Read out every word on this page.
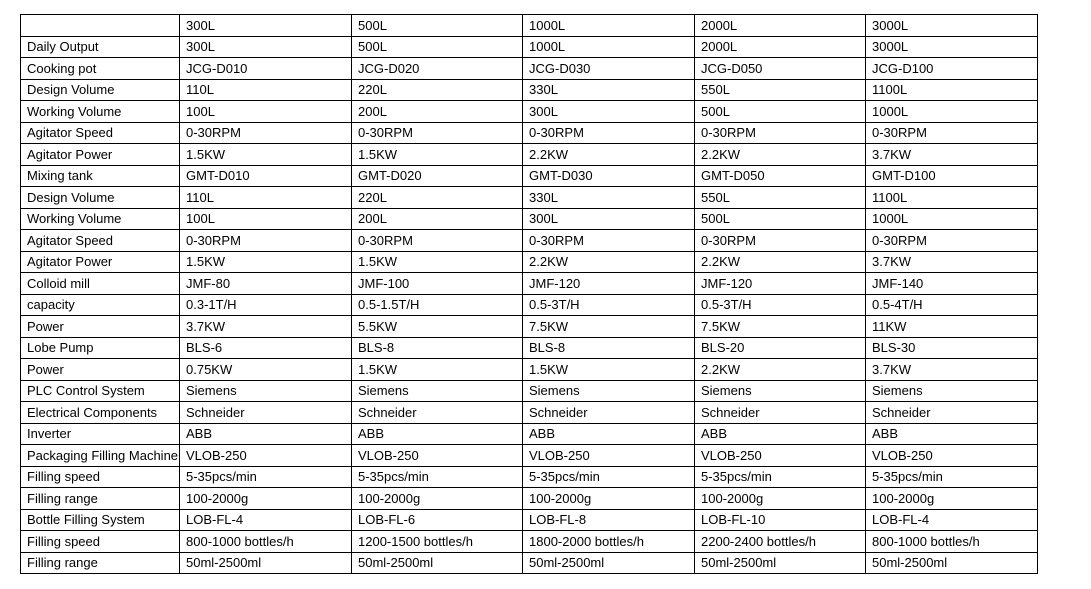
	300L	500L	1000L	2000L	3000L
Daily Output	300L	500L	1000L	2000L	3000L
Cooking pot	JCG-D010	JCG-D020	JCG-D030	JCG-D050	JCG-D100
Design Volume	110L	220L	330L	550L	1100L
Working Volume	100L	200L	300L	500L	1000L
Agitator Speed	0-30RPM	0-30RPM	0-30RPM	0-30RPM	0-30RPM
Agitator Power	1.5KW	1.5KW	2.2KW	2.2KW	3.7KW
Mixing tank	GMT-D010	GMT-D020	GMT-D030	GMT-D050	GMT-D100
Design Volume	110L	220L	330L	550L	1100L
Working Volume	100L	200L	300L	500L	1000L
Agitator Speed	0-30RPM	0-30RPM	0-30RPM	0-30RPM	0-30RPM
Agitator Power	1.5KW	1.5KW	2.2KW	2.2KW	3.7KW
Colloid mill	JMF-80	JMF-100	JMF-120	JMF-120	JMF-140
capacity	0.3-1T/H	0.5-1.5T/H	0.5-3T/H	0.5-3T/H	0.5-4T/H
Power	3.7KW	5.5KW	7.5KW	7.5KW	11KW
Lobe Pump	BLS-6	BLS-8	BLS-8	BLS-20	BLS-30
Power	0.75KW	1.5KW	1.5KW	2.2KW	3.7KW
PLC Control System	Siemens	Siemens	Siemens	Siemens	Siemens
Electrical Components	Schneider	Schneider	Schneider	Schneider	Schneider
Inverter	ABB	ABB	ABB	ABB	ABB
Packaging Filling Machine	VLOB-250	VLOB-250	VLOB-250	VLOB-250	VLOB-250
Filling speed	5-35pcs/min	5-35pcs/min	5-35pcs/min	5-35pcs/min	5-35pcs/min
Filling range	100-2000g	100-2000g	100-2000g	100-2000g	100-2000g
Bottle Filling System	LOB-FL-4	LOB-FL-6	LOB-FL-8	LOB-FL-10	LOB-FL-4
Filling speed	800-1000 bottles/h	1200-1500 bottles/h	1800-2000 bottles/h	2200-2400 bottles/h	800-1000 bottles/h
Filling range	50ml-2500ml	50ml-2500ml	50ml-2500ml	50ml-2500ml	50ml-2500ml
